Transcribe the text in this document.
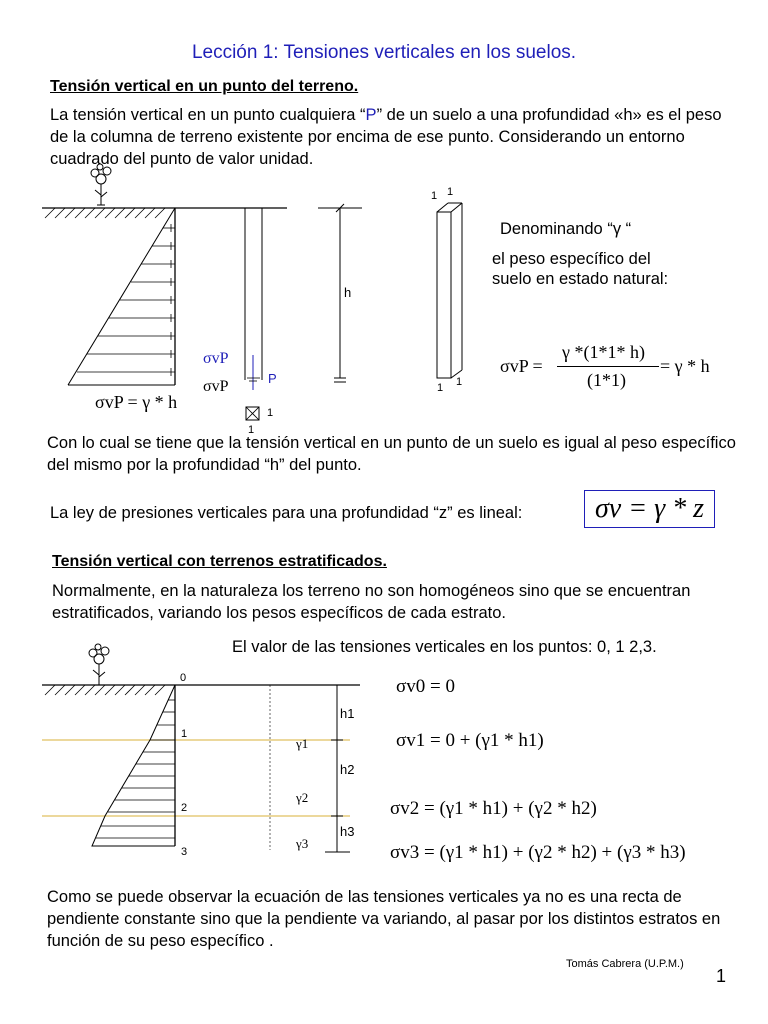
Lección 1: Tensiones verticales en los suelos.
Tensión vertical en un punto del terreno.
La tensión vertical en un punto cualquiera “P” de un suelo a una profundidad «h» es el peso de la columna de terreno existente por encima de ese punto. Considerando un entorno cuadrado del punto de valor unidad.
1 1
1 1
h
P
1
1
σvP
σvP
σvP = γ * h
Denominando “γ “
el peso específico del
suelo en estado natural:
σvP =
γ *(1*1* h)
(1*1)
= γ * h
Con lo cual se tiene que la tensión vertical en un punto de un suelo es igual al peso específico del mismo por la profundidad “h” del punto.
La ley de presiones verticales para una profundidad “z” es lineal:	σv = γ * z
Tensión vertical con terrenos estratificados.
Normalmente, en la naturaleza los terreno no son homogéneos sino que se encuentran estratificados, variando los pesos específicos de cada estrato.
El valor de las tensiones verticales en los puntos: 0, 1 2,3.
0
1
2
3
h1
h2
h3
γ1
γ2
γ3
σv0 = 0
σv1 = 0 + (γ1 * h1)
σv2 = (γ1 * h1) + (γ2 * h2)
σv3 = (γ1 * h1) + (γ2 * h2) + (γ3 * h3)
Como se puede observar la ecuación de las tensiones verticales ya no es una recta de pendiente constante sino que la pendiente va variando, al pasar por los distintos estratos en función de su peso específico .
Tomás Cabrera (U.P.M.)
1
